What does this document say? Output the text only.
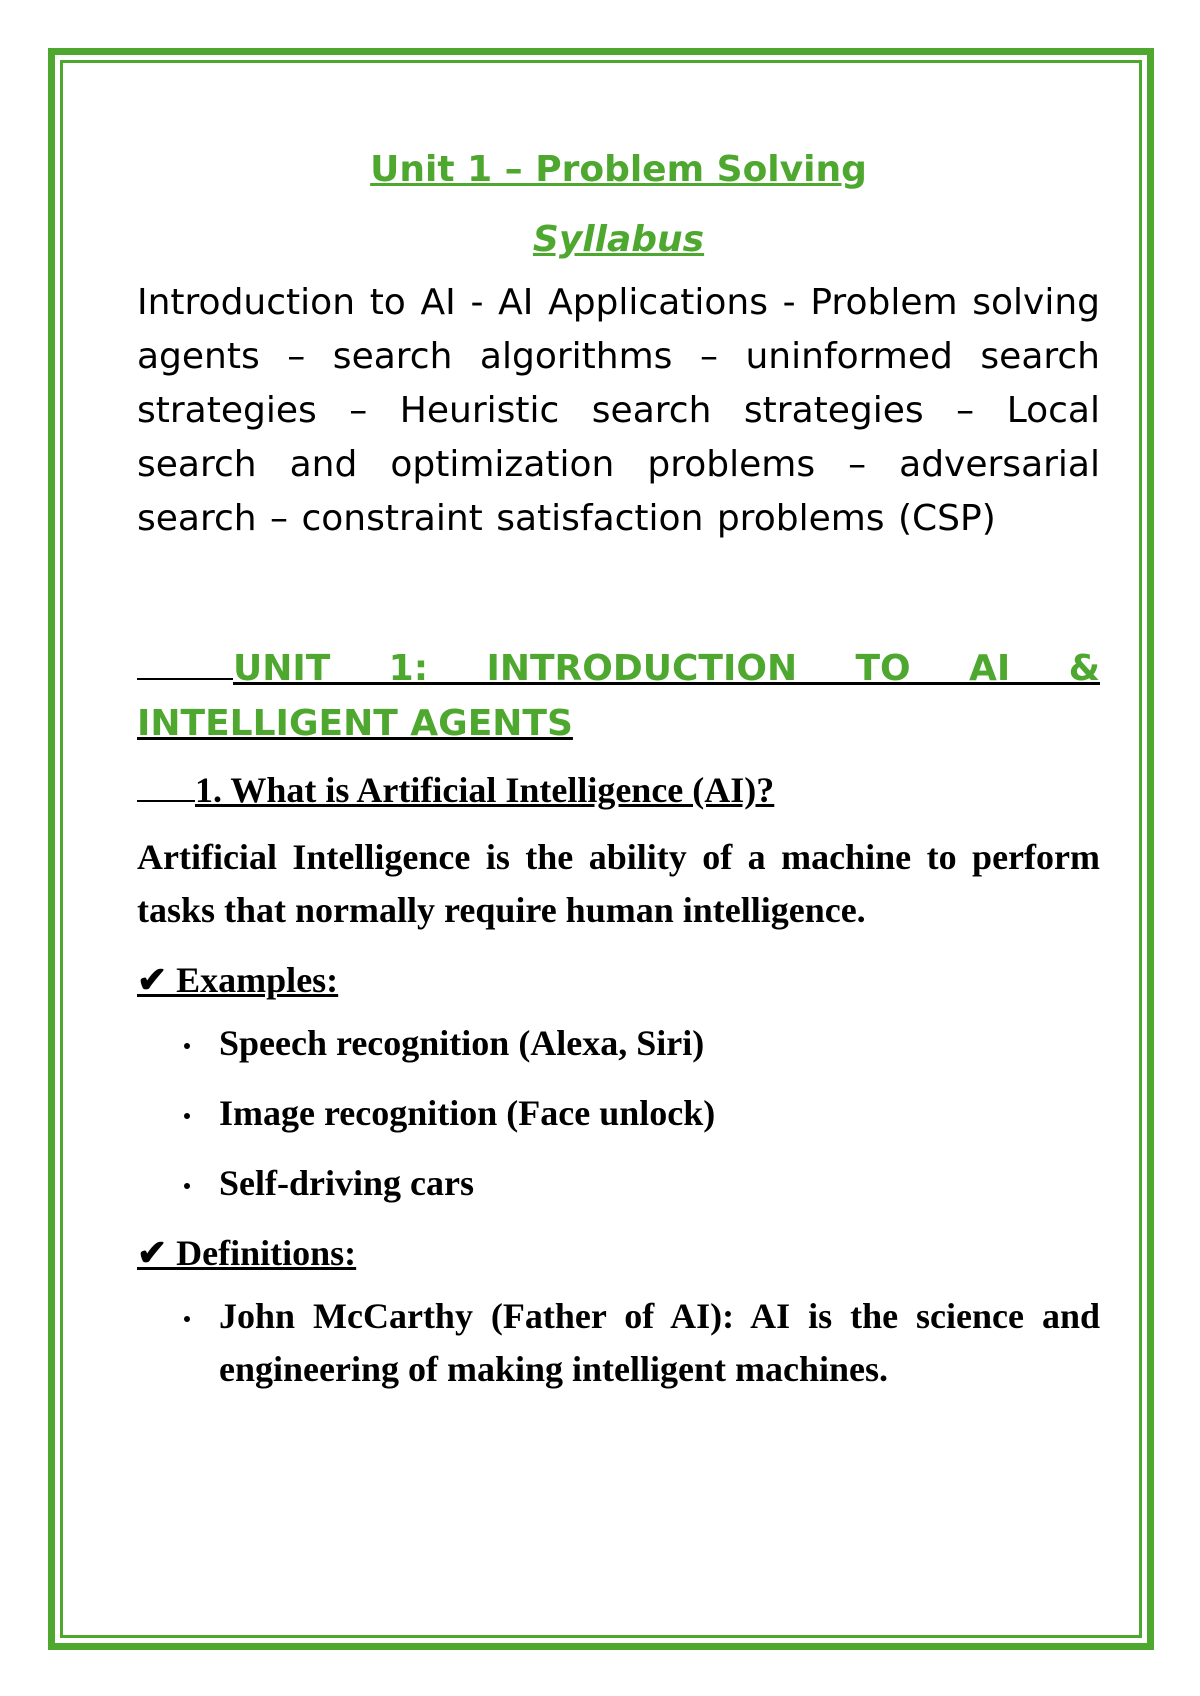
Unit 1 – Problem Solving
Syllabus

Introduction to AI - AI Applications - Problem solving agents – search algorithms – uninformed search strategies – Heuristic search strategies – Local search and optimization problems – adversarial search – constraint satisfaction problems (CSP)

UNIT 1: INTRODUCTION TO AI & INTELLIGENT AGENTS
1. What is Artificial Intelligence (AI)?

Artificial Intelligence is the ability of a machine to perform tasks that normally require human intelligence.

✔ Examples:
Speech recognition (Alexa, Siri)
Image recognition (Face unlock)
Self-driving cars
✔ Definitions:
John McCarthy (Father of AI): AI is the science and engineering of making intelligent machines.
